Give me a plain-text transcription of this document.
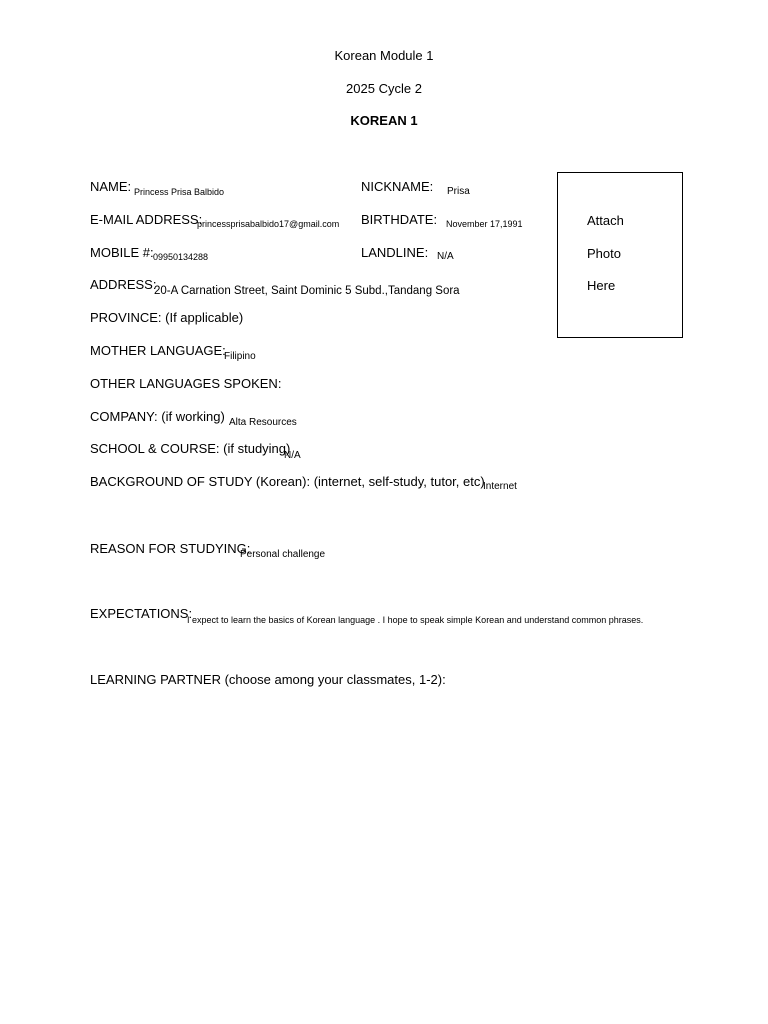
Korean Module 1
2025 Cycle 2
KOREAN 1
Attach
Photo
Here
NAME: Princess Prisa Balbido	NICKNAME: Prisa
E-MAIL ADDRESS:
princessprisabalbido17@gmail.com BIRTHDATE: November 17,1991
MOBILE #: 09950134288	LANDLINE: N/A
ADDRESS:
20-A Carnation Street, Saint Dominic 5 Subd.,Tandang Sora
PROVINCE: (If applicable)
MOTHER LANGUAGE:
Filipino
OTHER LANGUAGES SPOKEN:
COMPANY: (if working) Alta Resources
SCHOOL & COURSE: (if studying)
N/A
BACKGROUND OF STUDY (Korean): (internet, self-study, tutor, etc)
Internet
REASON FOR STUDYING:
Personal challenge
EXPECTATIONS:
I expect to learn the basics of Korean language . I hope to speak simple Korean and understand common phrases.
LEARNING PARTNER (choose among your classmates, 1-2):
